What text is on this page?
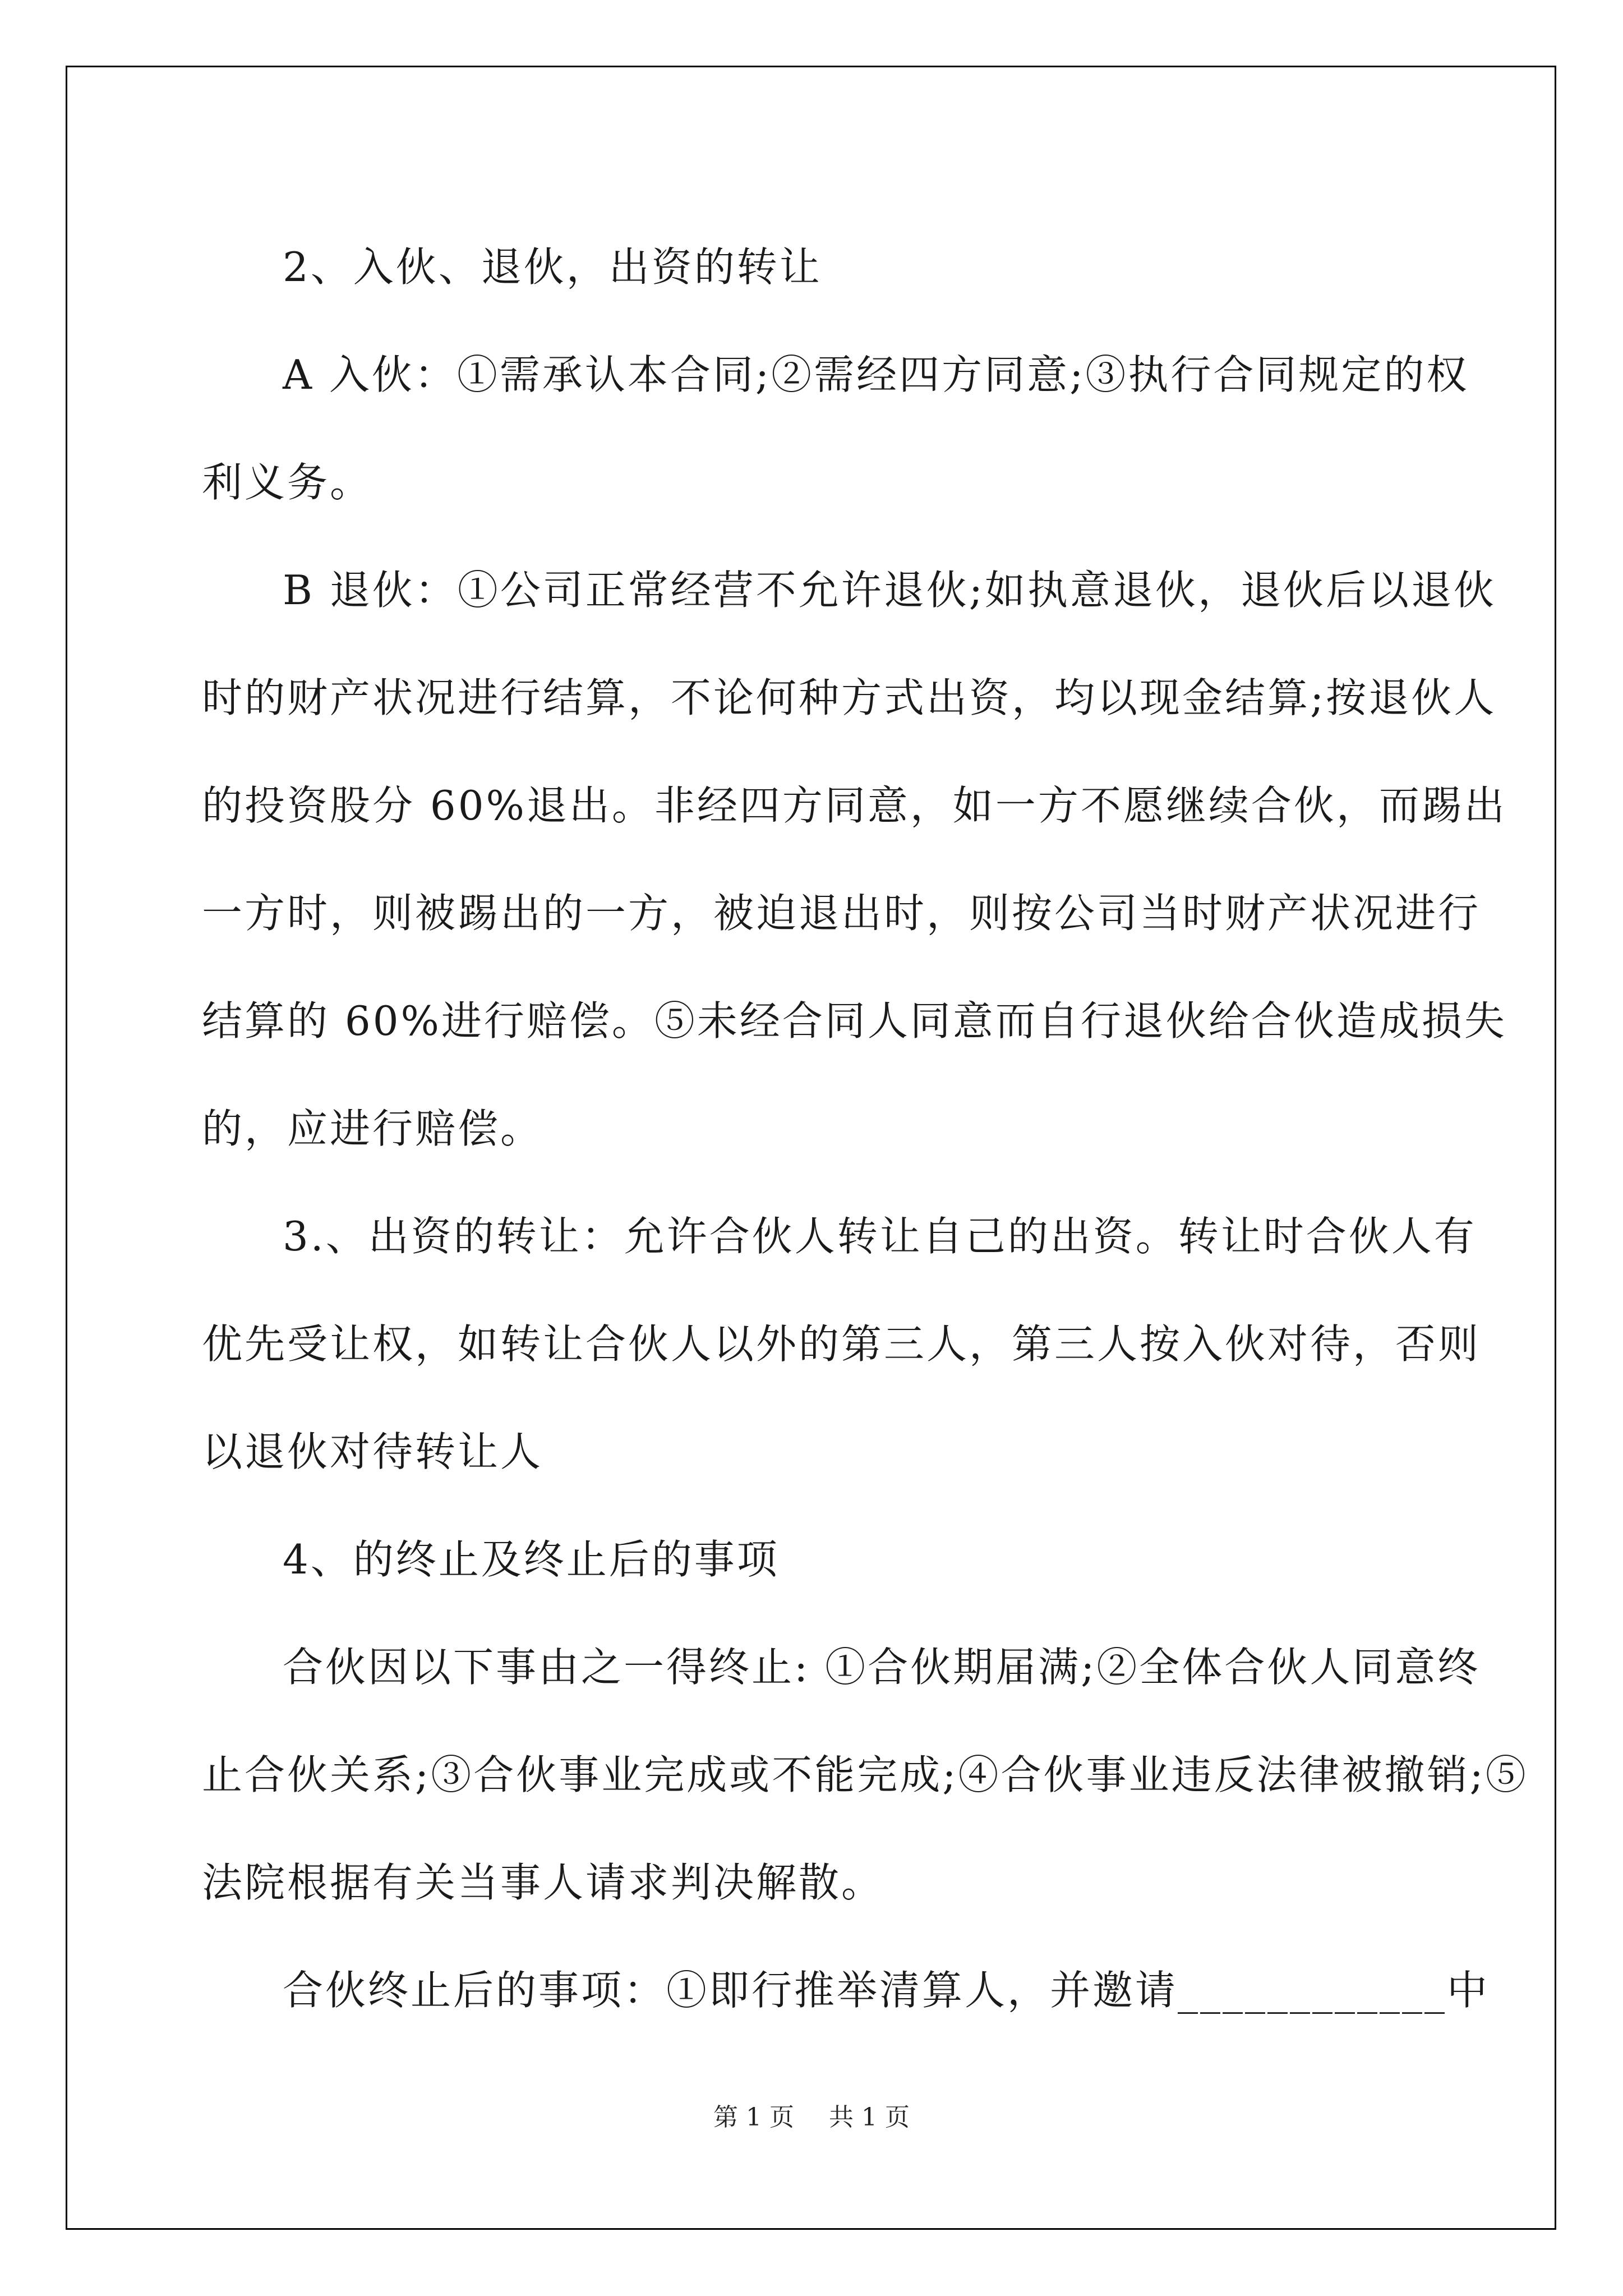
2、入伙、退伙，出资的转让
A 入伙：①需承认本合同;②需经四方同意;③执行合同规定的权
利义务。
B 退伙：①公司正常经营不允许退伙;如执意退伙，退伙后以退伙
时的财产状况进行结算，不论何种方式出资，均以现金结算;按退伙人
的投资股分 60%退出。非经四方同意，如一方不愿继续合伙，而踢出
一方时，则被踢出的一方，被迫退出时，则按公司当时财产状况进行
结算的 60%进行赔偿。⑤未经合同人同意而自行退伙给合伙造成损失
的，应进行赔偿。
3.、出资的转让：允许合伙人转让自己的出资。转让时合伙人有
优先受让权，如转让合伙人以外的第三人，第三人按入伙对待，否则
以退伙对待转让人
4、的终止及终止后的事项
合伙因以下事由之一得终止: ①合伙期届满;②全体合伙人同意终
止合伙关系;③合伙事业完成或不能完成;④合伙事业违反法律被撤销;⑤
法院根据有关当事人请求判决解散。
合伙终止后的事项：①即行推举清算人，并邀请____________中
第 1 页 共 1 页
